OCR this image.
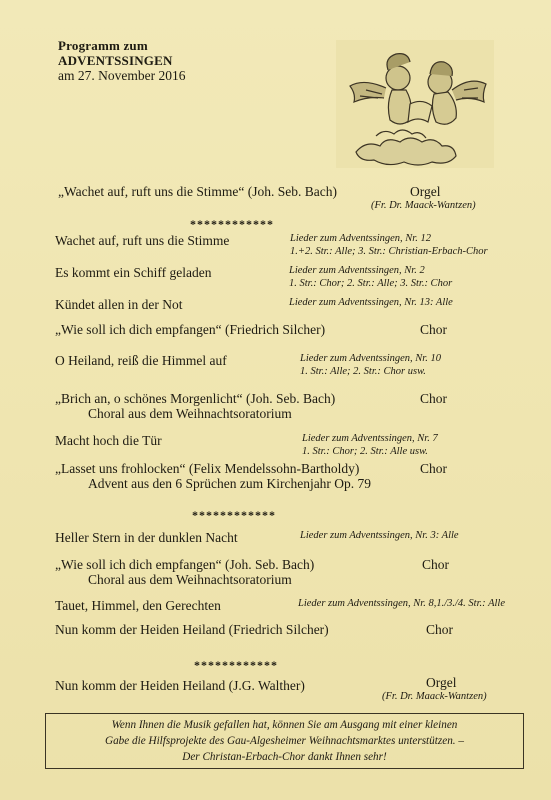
Programm zum
ADVENTSSINGEN
am 27. November 2016
„Wachet auf, ruft uns die Stimme“ (Joh. Seb. Bach)	Orgel
(Fr. Dr. Maack-Wantzen)
************
Wachet auf, ruft uns die Stimme	Lieder zum Adventssingen, Nr. 12
1.+2. Str.: Alle; 3. Str.: Christian-Erbach-Chor
Es kommt ein Schiff geladen	Lieder zum Adventssingen, Nr. 2
1. Str.: Chor; 2. Str.: Alle; 3. Str.: Chor
Kündet allen in der Not	Lieder zum Adventssingen, Nr. 13: Alle
„Wie soll ich dich empfangen“ (Friedrich Silcher)	Chor
O Heiland, reiß die Himmel auf	Lieder zum Adventssingen, Nr. 10
1. Str.: Alle; 2. Str.: Chor usw.
„Brich an, o schönes Morgenlicht“ (Joh. Seb. Bach)	Chor
Choral aus dem Weihnachtsoratorium
Macht hoch die Tür	Lieder zum Adventssingen, Nr. 7
1. Str.: Chor; 2. Str.: Alle usw.
„Lasset uns frohlocken“ (Felix Mendelssohn-Bartholdy)	Chor
Advent aus den 6 Sprüchen zum Kirchenjahr Op. 79
************
Heller Stern in der dunklen Nacht	Lieder zum Adventssingen, Nr. 3: Alle
„Wie soll ich dich empfangen“ (Joh. Seb. Bach)	Chor
Choral aus dem Weihnachtsoratorium
Tauet, Himmel, den Gerechten	Lieder zum Adventssingen, Nr. 8,1./3./4. Str.: Alle
Nun komm der Heiden Heiland (Friedrich Silcher)	Chor
************
Nun komm der Heiden Heiland (J.G. Walther)	Orgel
(Fr. Dr. Maack-Wantzen)
Wenn Ihnen die Musik gefallen hat, können Sie am Ausgang mit einer kleinen
Gabe die Hilfsprojekte des Gau-Algesheimer Weihnachtsmarktes unterstützen. –
Der Christan-Erbach-Chor dankt Ihnen sehr!
